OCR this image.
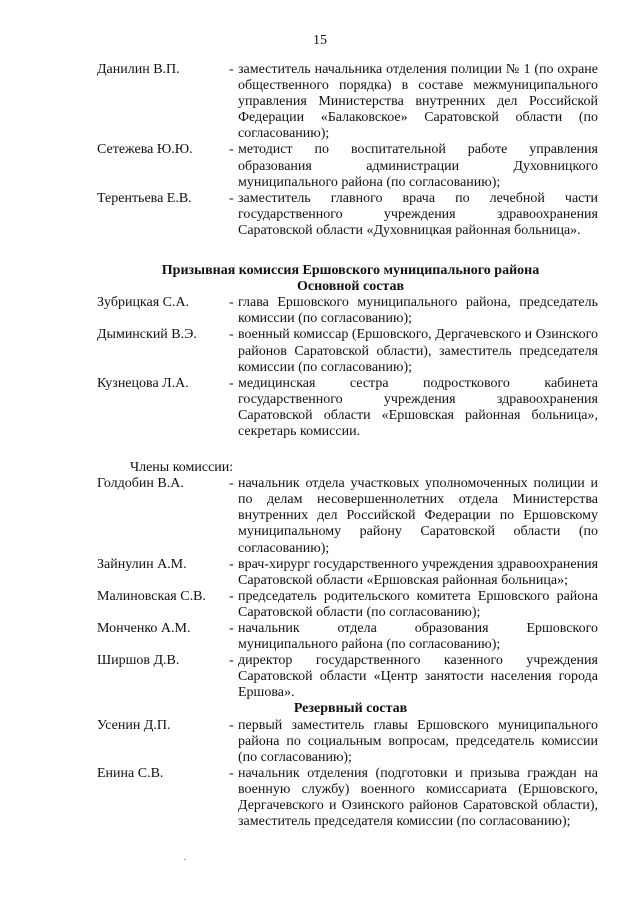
15
Данилин В.П.	- заместитель начальника отделения полиции № 1 (по охране общественного порядка) в составе межмуниципального управления Министерства внутренних дел Российской Федерации «Балаковское» Саратовской области (по согласованию);
Сетежева Ю.Ю.	- методист по воспитательной работе управления образования администрации Духовницкого муниципального района (по согласованию);
Терентьева Е.В.	- заместитель главного врача по лечебной части государственного учреждения здравоохранения Саратовской области «Духовницкая районная больница».
Призывная комиссия Ершовского муниципального района
Основной состав
Зубрицкая С.А.	- глава Ершовского муниципального района, председатель комиссии (по согласованию);
Дыминский В.Э.	- военный комиссар (Ершовского, Дергачевского и Озинского районов Саратовской области), заместитель председателя комиссии (по согласованию);
Кузнецова Л.А.	- медицинская сестра подросткового кабинета государственного учреждения здравоохранения Саратовской области «Ершовская районная больница», секретарь комиссии.
Члены комиссии:
Голдобин В.А.	- начальник отдела участковых уполномоченных полиции и по делам несовершеннолетних отдела Министерства внутренних дел Российской Федерации по Ершовскому муниципальному району Саратовской области (по согласованию);
Зайнулин А.М.	- врач-хирург государственного учреждения здравоохранения Саратовской области «Ершовская районная больница»;
Малиновская С.В.	- председатель родительского комитета Ершовского района Саратовской области (по согласованию);
Монченко А.М.	- начальник отдела образования Ершовского муниципального района (по согласованию);
Ширшов Д.В.	- директор государственного казенного учреждения Саратовской области «Центр занятости населения города Ершова».
Резервный состав
Усенин Д.П.	- первый заместитель главы Ершовского муниципального района по социальным вопросам, председатель комиссии (по согласованию);
Енина С.В.	- начальник отделения (подготовки и призыва граждан на военную службу) военного комиссариата (Ершовского, Дергачевского и Озинского районов Саратовской области), заместитель председателя комиссии (по согласованию);
·
